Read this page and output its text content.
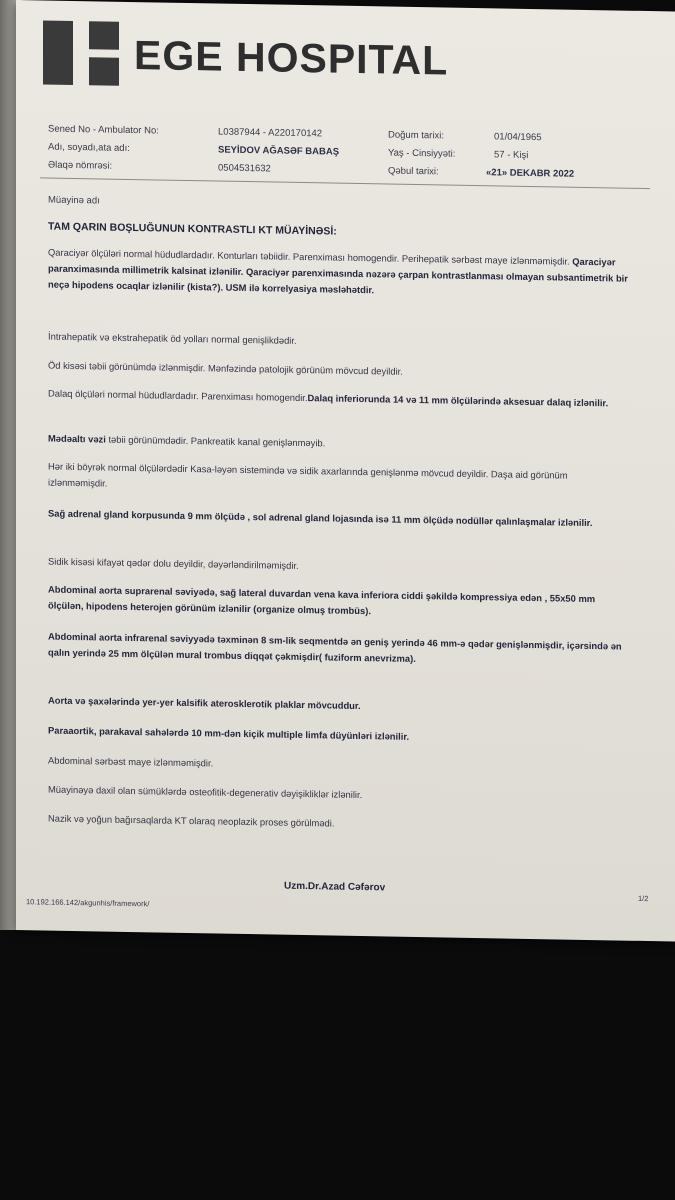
EGE HOSPITAL
Sened No - Ambulator No:	L0387944 - A220170142
Adı, soyadı,ata adı:	SEYİDOV AĞASƏF BABAŞ
Əlaqə nömrəsi:	0504531632
Doğum tarixi:	01/04/1965
Yaş - Cinsiyyəti:	57 - Kişi
Qəbul tarixi:	«21» DEKABR 2022
Müayinə adı
TAM QARIN BOŞLUĞUNUN KONTRASTLI KT MÜAYİNƏSİ:
Qaraciyər ölçüləri normal hüdudlardadır. Konturları təbiidir. Parenximası homogendir. Perihepatik sərbəst maye izlənməmişdir. Qaraciyər paranximasında millimetrik kalsinat izlənilir. Qaraciyər parenximasında nəzərə çarpan kontrastlanması olmayan subsantimetrik bir neçə hipodens ocaqlar izlənilir (kista?). USM ilə korrelyasiya məsləhətdir.
İntrahepatik və ekstrahepatik öd yolları normal genişlikdədir.
Öd kisəsi təbii görünümdə izlənmişdir. Mənfəzində patolojik görünüm mövcud deyildir.
Dalaq ölçüləri normal hüdudlardadır. Parenximası homogendir.Dalaq inferiorunda 14 və 11 mm ölçülərində aksesuar dalaq izlənilir.
Mədəaltı vəzi təbii görünümdədir. Pankreatik kanal genişlənməyib.
Hər iki böyrək normal ölçülərdədir Kasa-ləyən sistemində və sidik axarlarında genişlənmə mövcud deyildir. Daşa aid görünüm izlənməmişdir.
Sağ adrenal gland korpusunda 9 mm ölçüdə , sol adrenal gland lojasında isə 11 mm ölçüdə nodüllər qalınlaşmalar izlənilir.
Sidik kisəsi kifayət qədər dolu deyildir, dəyərləndirilməmişdir.
Abdominal aorta suprarenal səviyədə, sağ lateral duvardan vena kava inferiora ciddi şəkildə kompressiya edən , 55x50 mm ölçülən, hipodens heterojen görünüm izlənilir (organize olmuş trombüs).
Abdominal aorta infrarenal səviyyədə təxminən 8 sm-lik seqmentdə ən geniş yerində 46 mm-ə qədər genişlənmişdir, içərsində ən qalın yerində 25 mm ölçülən mural trombus diqqət çəkmişdir( fuziform anevrizma).
Aorta və şaxələrində yer-yer kalsifik aterosklerotik plaklar mövcuddur.
Paraaortik, parakaval sahələrdə 10 mm-dən kiçik multiple limfa düyünləri izlənilir.
Abdominal sərbəst maye izlənməmişdir.
Müayinəyə daxil olan sümüklərdə osteofitik-degenerativ dəyişikliklər izlənilir.
Nazik və yoğun bağırsaqlarda KT olaraq neoplazik proses görülmədi.
Uzm.Dr.Azad Cəfərov
10.192.166.142/akgunhis/framework/	1/2
